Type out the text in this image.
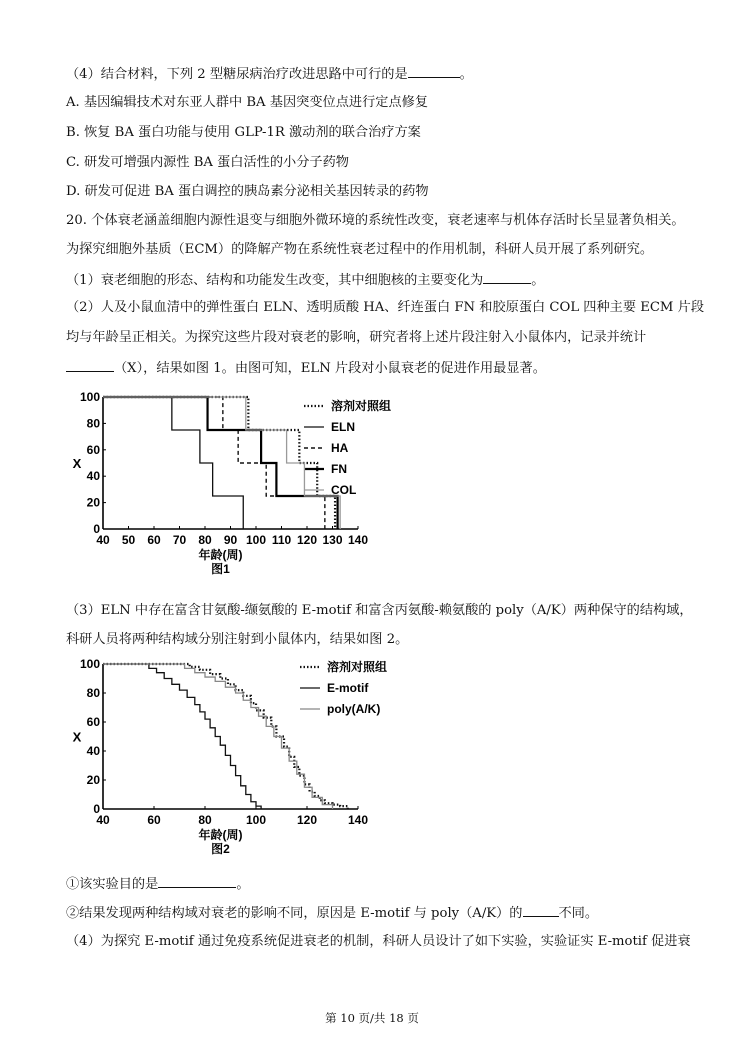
（4）结合材料，下列 2 型糖尿病治疗改进思路中可行的是	。
A. 基因编辑技术对东亚人群中 BA 基因突变位点进行定点修复
B. 恢复 BA 蛋白功能与使用 GLP-1R 激动剂的联合治疗方案
C. 研发可增强内源性 BA 蛋白活性的小分子药物
D. 研发可促进 BA 蛋白调控的胰岛素分泌相关基因转录的药物
20. 个体衰老涵盖细胞内源性退变与细胞外微环境的系统性改变，衰老速率与机体存活时长呈显著负相关。
为探究细胞外基质（ECM）的降解产物在系统性衰老过程中的作用机制，科研人员开展了系列研究。
（1）衰老细胞的形态、结构和功能发生改变，其中细胞核的主要变化为	。
（2）人及小鼠血清中的弹性蛋白 ELN、透明质酸 HA、纤连蛋白 FN 和胶原蛋白 COL 四种主要 ECM 片段
均与年龄呈正相关。为探究这些片段对衰老的影响，研究者将上述片段注射入小鼠体内，记录并统计
（X），结果如图 1。由图可知，ELN 片段对小鼠衰老的促进作用最显著。
40 50 60 70 80 90 100 110 120 130 140
0
20
40
60
80
100
X
年龄(周)
图1
溶剂对照组
ELN
HA
FN
COL
（3）ELN 中存在富含甘氨酸-缬氨酸的 E-motif 和富含丙氨酸-赖氨酸的 poly（A/K）两种保守的结构域，
科研人员将两种结构域分别注射到小鼠体内，结果如图 2。
40	60	80	100	120	140
0
20
40
60
80
100
X
年龄(周)
图2
溶剂对照组
E-motif
poly(A/K)
①该实验目的是	。
②结果发现两种结构域对衰老的影响不同，原因是 E-motif 与 poly（A/K）的	不同。
（4）为探究 E-motif 通过免疫系统促进衰老的机制，科研人员设计了如下实验，实验证实 E-motif 促进衰
第 10 页/共 18 页
